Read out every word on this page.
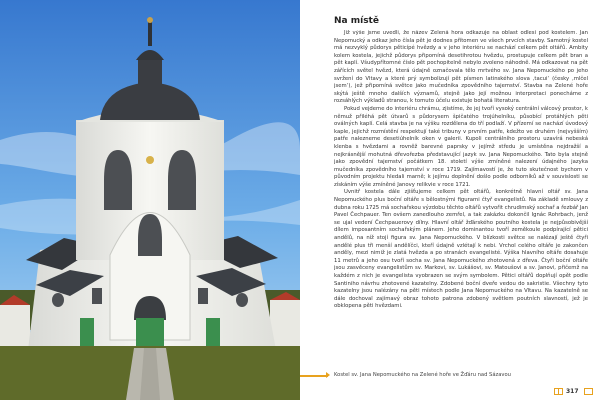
Na místě

Již výše jsme uvedli, že název Zelená hora odkazuje na oblast odlesí pod kostelem. Jan Nepomucký a odkaz jeho čísla pět je dodnes přítomen ve všech prvcích stavby. Samotný kostel má nezvyklý půdorys pěticípé hvězdy a v jeho interiéru se nachází celkem pět oltářů. Ambity kolem kostela, jejichž půdorys připomíná desetihrotou hvězdu, prostupuje celkem pět bran a pět kaplí. Všudypřítomné číslo pět pochopitelně nebylo zvoleno náhodně. Má odkazovat na pět zářících světel hvězd, která údajně označovala tělo mrtvého sv. Jana Nepomuckého po jeho svržení do Vltavy a které prý symbolizují pět písmen latinského slova ‚tacui‘ (česky ‚mlčel jsem‘), jež připomíná světce jako mučedníka zpovědního tajemství. Stavba na Zelené hoře skýtá ještě mnoho dalších významů, stejně jako její možnou interpretaci ponecháme z rozsáhlých výkladů stranou, k tomuto účelu existuje bohatá literatura.

Pokud vejdeme do interiéru chrámu, zjistíme, že jej tvoří vysoký centrální válcový prostor, k němuž přiléhá pět útvarů s půdorysem špičatého trojúhelníku, působící protáhlých pěti oválných kaplí. Celá stavba je na výšku rozdělena do tří podlaží. V přízemí se nachází úvodový kaple, jejichž rozmístění respektují také tribuny v prvním patře, kdežto ve druhém (nejvyšším) patře nalezneme desetiúhelník oken v galerii. Kupoli centrálního prostoru uzavírá nebeská klenba s hvězdami a rovněž barevné paprsky v jejímž středu je umístěna nejdražší a nejkrásnější mohutná dřevořezba představující jazyk sv. Jana Nepomuckého. Tato byla stejně jako zpovědní tajemství počátkem 18. století výše zmíněné nalezení údajného jazyka mučedníka zpovědního tajemství v roce 1719. Zajímavostí je, že tuto skutečnost bychom v původním projektu hledali marně; k jejímu doplnění došlo podle odborníků až v souvislosti se získáním výše zmíněné Janovy relikvie v roce 1721.

Uvnitř kostela dále zjišťujeme celkem pět oltářů, konkrétně hlavní oltář sv. Jana Nepomuckého plus boční oltáře s bělostnými figurami čtyř evangelistů. Na základě smlouvy z dubna roku 1725 má sochařskou výzdobu těchto oltářů vytvořit chrudimský sochař a řezbář Jan Pavel Čechpauer. Ten ovšem zanedlouho zemřel, a tak zakázku dokončil Ignác Rohrbach, jenž se ujal vedení Čechpauerovy dílny. Hlavní oltář žďárského poutního kostela je nejpůsobivější dílem imposantním sochařským plánem. Jeho dominantou tvoří zeměkoule podpírající pětici andělů, na níž stojí figura sv. Jana Nepomuckého. V blízkosti světce se nalézají ještě čtyři andělé plus tři menší andělíčci, kteří údajně vzlétají k nebi. Vrchol celého oltáře je zakončen anděly, mezi nimiž je zlatá hvězda a po stranách evangelisté. Výška hlavního oltáře dosahuje 11 metrů a jeho osu tvoří socha sv. Jana Nepomuckého zhotovená z dřeva. Čtyři boční oltáře jsou zasvěceny evangelistům sv. Markovi, sv. Lukášovi, sv. Matoušovi a sv. Janovi, přičemž na každém z nich je evangelista vyobrazen se svým symbolem. Pětici oltářů doplňují opět podle Santiniho návrhu zhotovené kazatelny. Zdobené boční dveře vedou do sakristie. Všechny tyto kazatelny jsou nalézány na pěti místech podle Jana Nepomuckého na Vltavu. Na kazatelně se dále dochoval zajímavý obraz tohoto patrona zdobený světlem poutních slavností, jež je obklopena pěti hvězdami.

Kostel sv. Jana Nepomuckého na Zelené hoře ve Žďáru nad Sázavou
317
